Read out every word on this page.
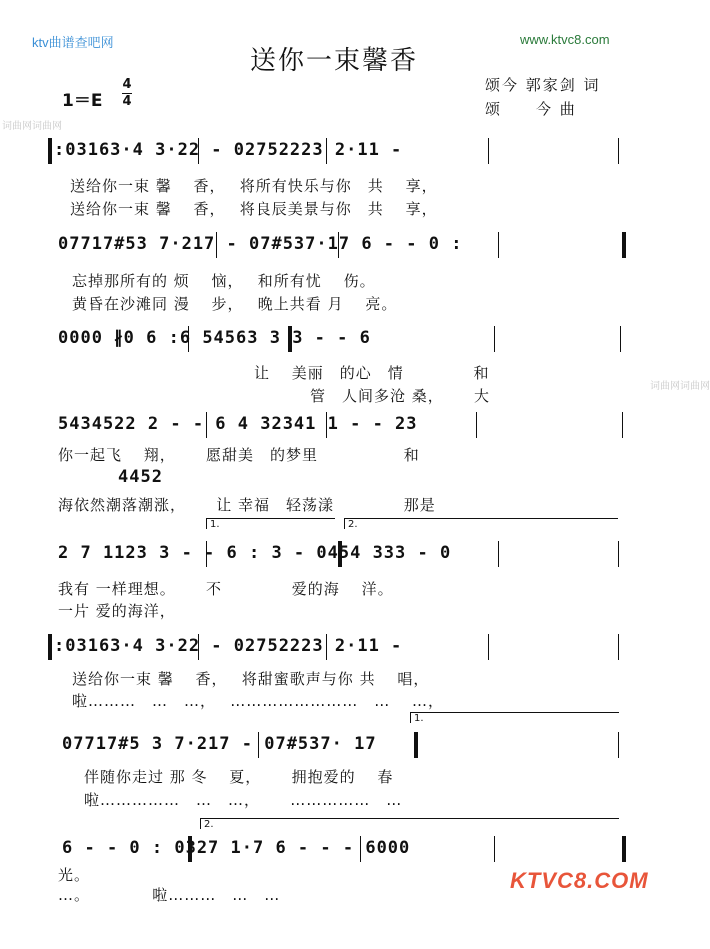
ktv曲谱查吧网	www.ktvc8.com
词曲网词曲网
词曲网词曲网
送你一束馨香
1＝E
4
4
颂今 郭家剑 词
颂　　今 曲
:03163·4 3·22 - 02752223 2·11 -
送给你一束 馨　 香，　 将所有快乐与你　共　 享，
送给你一束 馨　 香，　 将良辰美景与你　共　 享，
07717#53 7·217 - 07#537·17 6 - - 0 :
忘掉那所有的 烦　 恼，　 和所有忧　 伤。
黄昏在沙滩同 漫　 步，　 晚上共看 月　 亮。
0000 ∦0 6 :6 54563 3 3 - - 6
让　 美丽　的心　情　　　　 和
管　人间多沧 桑，　　 大
5434522 2 - - 6 4 32341 1 - - 23
你一起飞　 翔，　　 愿甜美　的梦里　　　　　 和
4452
海依然潮落潮涨，　　 让 幸福　轻荡漾　　　　 那是
1.	2.
2 7 1123 3 - - 6 : 3 - 0454 333 - 0
我有 一样理想。　　 不　　　　 爱的海　 洋。
一片 爱的海洋，
:03163·4 3·22 - 02752223 2·11 -
送给你一束 馨　 香，　 将甜蜜歌声与你 共　 唱，
啦………　…　…，　 ……………………　…　 …，
1.
07717#5 3 7·217 - 07#537· 17
伴随你走过 那 冬　 夏，　　 拥抱爱的　 春
啦……………　…　…，　　 ……………　…
2.
6 - - 0 : 0327 1·7 6 - - - 6000
光。
…。　　　　 啦………　…　…
KTVC8.COM
